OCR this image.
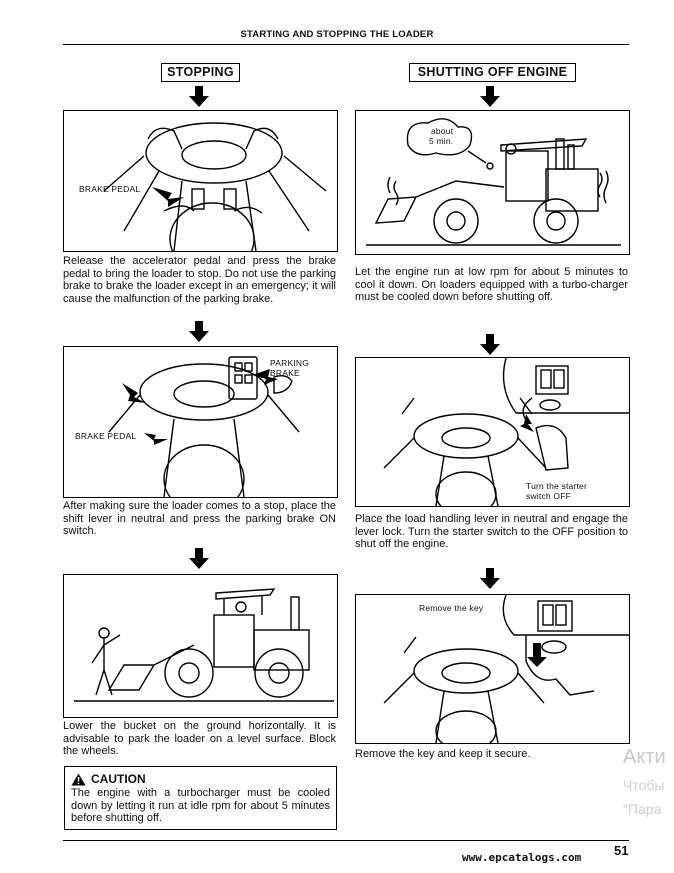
STARTING AND STOPPING THE LOADER
STOPPING	SHUTTING OFF ENGINE
BRAKE PEDAL
Release the accelerator pedal and press the brake pedal to bring the loader to stop. Do not use the parking brake to brake the loader except in an emergency; it will cause the malfunction of the parking brake.
PARKING
BRAKE
BRAKE PEDAL
After making sure the loader comes to a stop, place the shift lever in neutral and press the parking brake ON switch.
Lower the bucket on the ground horizontally. It is advisable to park the loader on a level surface. Block the wheels.
CAUTION
The engine with a turbocharger must be cooled down by letting it run at idle rpm for about 5 minutes before shutting off.
about
5 min.
Let the engine run at low rpm for about 5 minutes to cool it down. On loaders equipped with a turbo-charger must be cooled down before shutting off.
Turn the starter
switch OFF
Place the load handling lever in neutral and engage the lever lock. Turn the starter switch to the OFF position to shut off the engine.
Remove the key
Remove the key and keep it secure.
51
www.epcatalogs.com
Акти
Чтобы
"Пара
